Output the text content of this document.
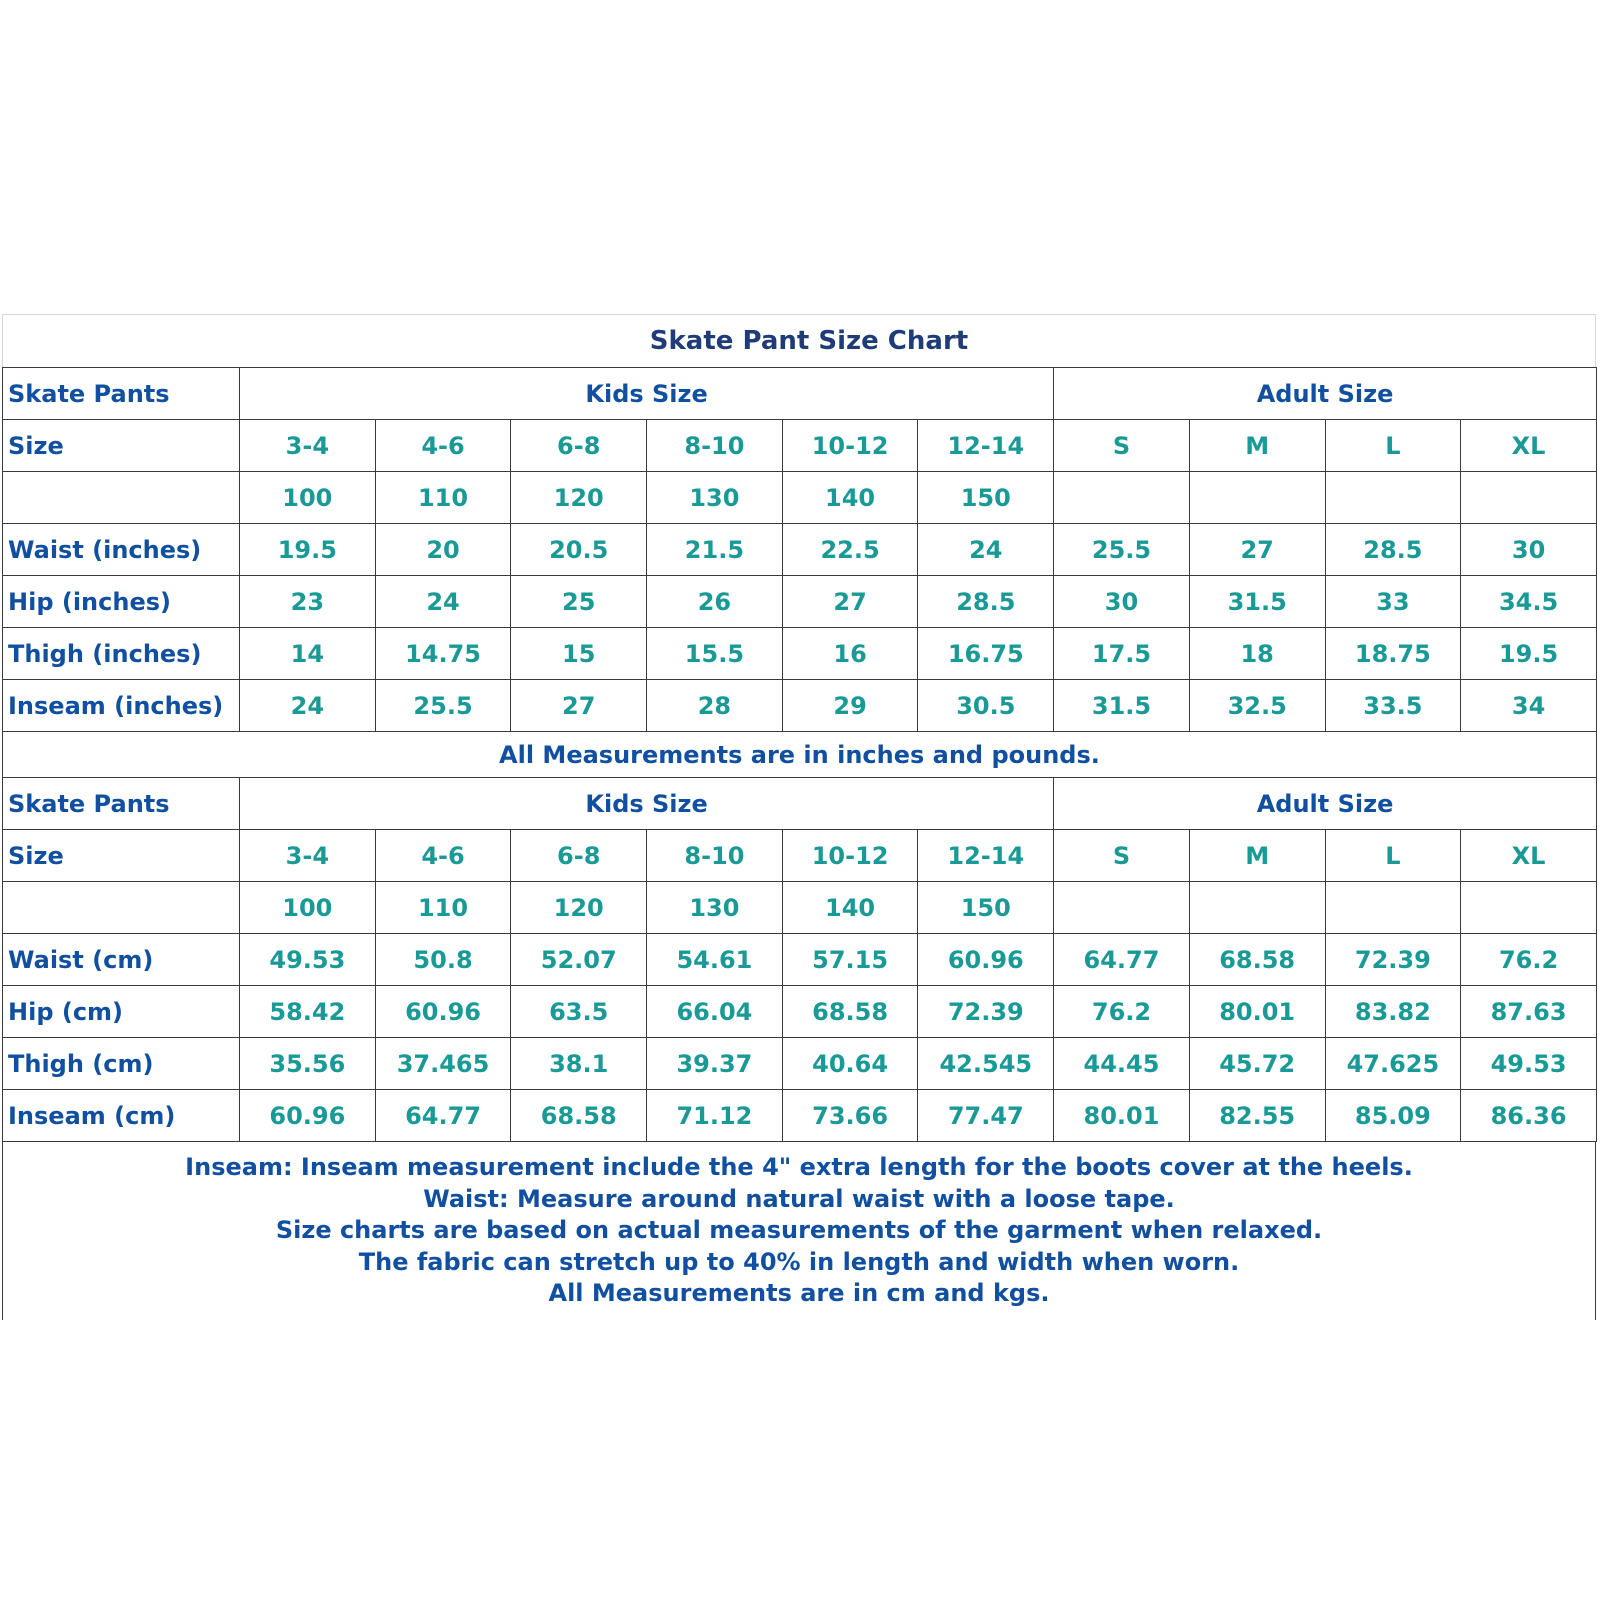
Skate Pant Size Chart
Skate Pants	Kids Size						Adult Size			
Size	3-4	4-6	6-8	8-10	10-12	12-14	S	M	L	XL
	100	110	120	130	140	150				
Waist (inches)	19.5	20	20.5	21.5	22.5	24	25.5	27	28.5	30
Hip (inches)	23	24	25	26	27	28.5	30	31.5	33	34.5
Thigh (inches)	14	14.75	15	15.5	16	16.75	17.5	18	18.75	19.5
Inseam (inches)	24	25.5	27	28	29	30.5	31.5	32.5	33.5	34
All Measurements are in inches and pounds.										
Skate Pants	Kids Size						Adult Size			
Size	3-4	4-6	6-8	8-10	10-12	12-14	S	M	L	XL
	100	110	120	130	140	150				
Waist (cm)	49.53	50.8	52.07	54.61	57.15	60.96	64.77	68.58	72.39	76.2
Hip (cm)	58.42	60.96	63.5	66.04	68.58	72.39	76.2	80.01	83.82	87.63
Thigh (cm)	35.56	37.465	38.1	39.37	40.64	42.545	44.45	45.72	47.625	49.53
Inseam (cm)	60.96	64.77	68.58	71.12	73.66	77.47	80.01	82.55	85.09	86.36
Inseam: Inseam measurement include the 4" extra length for the boots cover at the heels.
Waist: Measure around natural waist with a loose tape.
Size charts are based on actual measurements of the garment when relaxed.
The fabric can stretch up to 40% in length and width when worn.
All Measurements are in cm and kgs.
